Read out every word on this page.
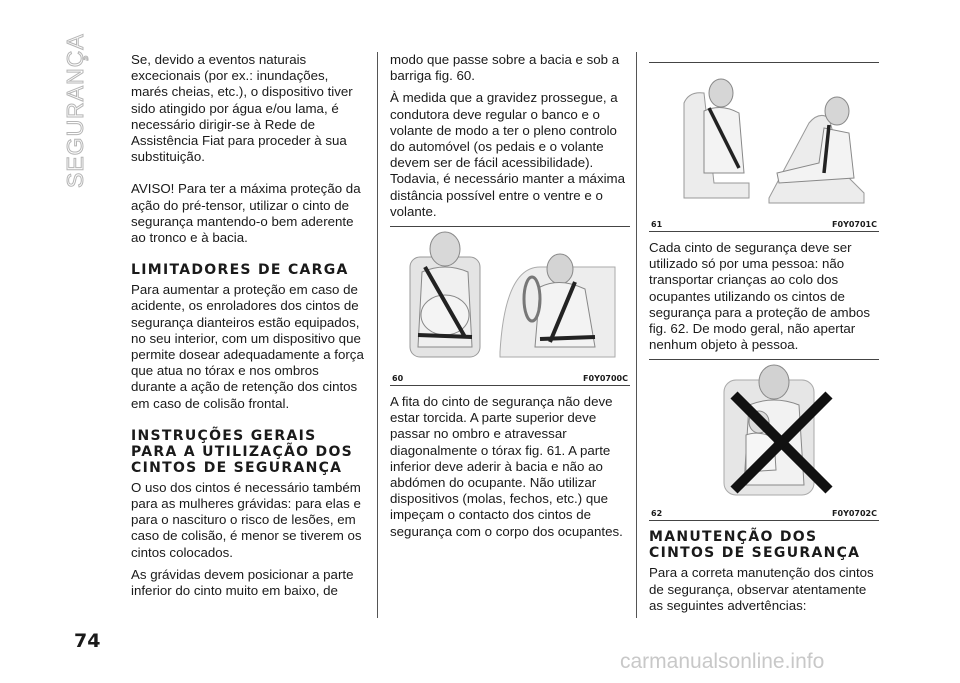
SEGURANÇA
74

Se, devido a eventos naturais excecionais (por ex.: inundações, marés cheias, etc.), o dispositivo tiver sido atingido por água e/ou lama, é necessário dirigir-se à Rede de Assistência Fiat para proceder à sua substituição.

AVISO! Para ter a máxima proteção da ação do pré-tensor, utilizar o cinto de segurança mantendo-o bem aderente ao tronco e à bacia.

LIMITADORES DE CARGA

Para aumentar a proteção em caso de acidente, os enroladores dos cintos de segurança dianteiros estão equipados, no seu interior, com um dispositivo que permite dosear adequadamente a força que atua no tórax e nos ombros durante a ação de retenção dos cintos em caso de colisão frontal.

INSTRUÇÕES GERAIS PARA A UTILIZAÇÃO DOS CINTOS DE SEGURANÇA

O uso dos cintos é necessário também para as mulheres grávidas: para elas e para o nascituro o risco de lesões, em caso de colisão, é menor se tiverem os cintos colocados.

As grávidas devem posicionar a parte inferior do cinto muito em baixo, de

modo que passe sobre a bacia e sob a barriga fig. 60.

À medida que a gravidez prossegue, a condutora deve regular o banco e o volante de modo a ter o pleno controlo do automóvel (os pedais e o volante devem ser de fácil acessibilidade). Todavia, é necessário manter a máxima distância possível entre o ventre e o volante.

60	F0Y0700C

A fita do cinto de segurança não deve estar torcida. A parte superior deve passar no ombro e atravessar diagonalmente o tórax fig. 61. A parte inferior deve aderir à bacia e não ao abdómen do ocupante. Não utilizar dispositivos (molas, fechos, etc.) que impeçam o contacto dos cintos de segurança com o corpo dos ocupantes.

61	F0Y0701C

Cada cinto de segurança deve ser utilizado só por uma pessoa: não transportar crianças ao colo dos ocupantes utilizando os cintos de segurança para a proteção de ambos fig. 62. De modo geral, não apertar nenhum objeto à pessoa.

62	F0Y0702C
MANUTENÇÃO DOS CINTOS DE SEGURANÇA

Para a correta manutenção dos cintos de segurança, observar atentamente as seguintes advertências:

carmanualsonline.info
